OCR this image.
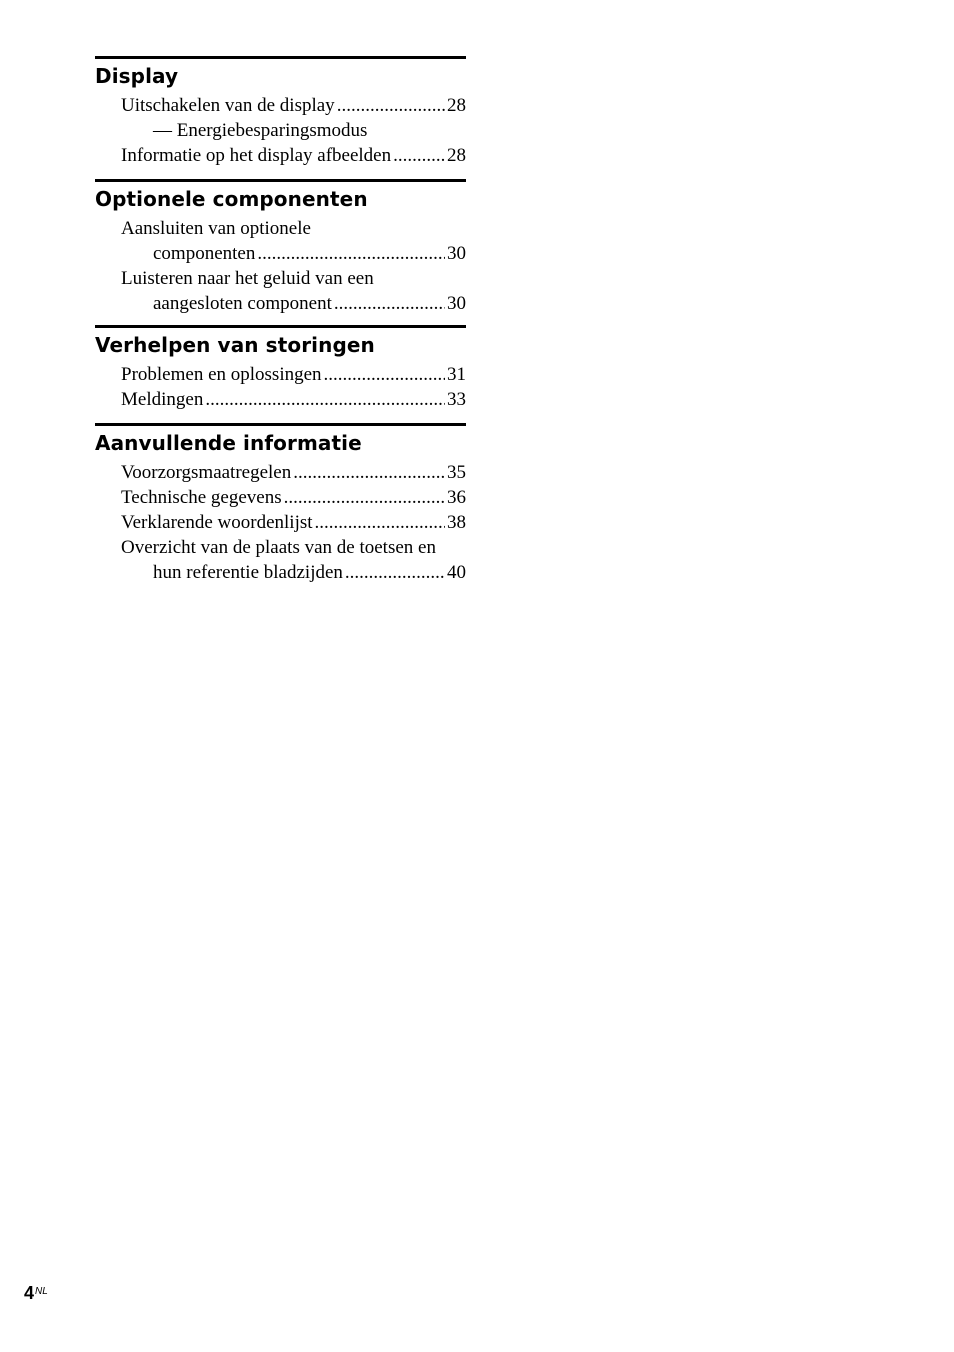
Display
Uitschakelen van de display .....	28
— Energiebesparingsmodus
Informatie op het display afbeelden .....	28
Optionele componenten
Aansluiten van optionele
componenten .....	30
Luisteren naar het geluid van een
aangesloten component .....	30
Verhelpen van storingen
Problemen en oplossingen .....	31
Meldingen .....	33
Aanvullende informatie
Voorzorgsmaatregelen .....	35
Technische gegevens .....	36
Verklarende woordenlijst .....	38
Overzicht van de plaats van de toetsen en
hun referentie bladzijden .....	40
$4^{NL}$
